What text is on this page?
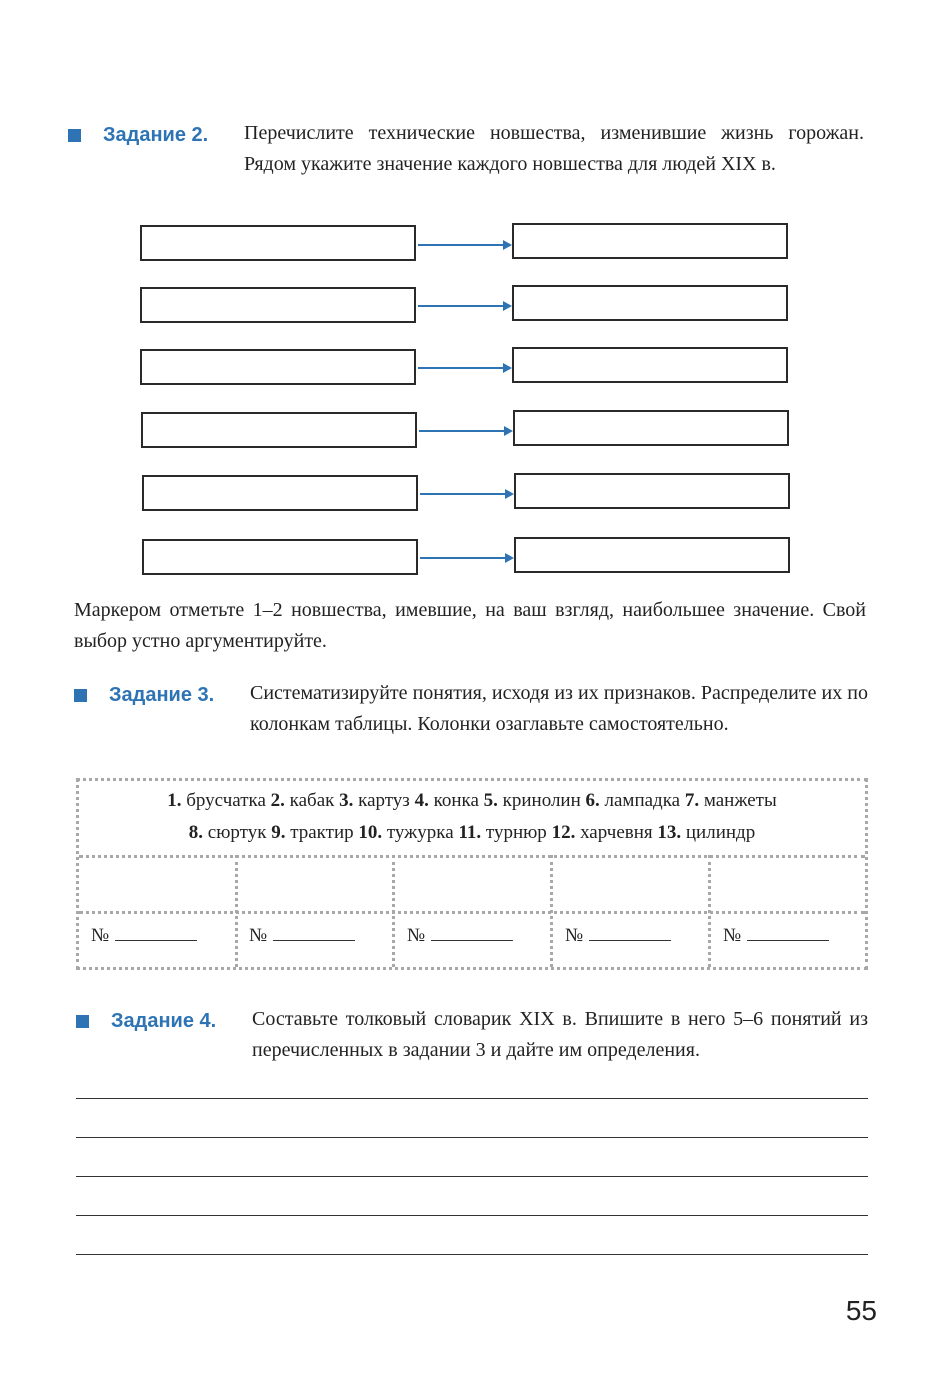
Задание 2. Перечислите технические новшества, изменившие жизнь горожан. Рядом укажите значение каждого новшества для людей XIX в.
Маркером отметьте 1–2 новшества, имевшие, на ваш взгляд, наибольшее значение. Свой выбор устно аргументируйте.
Задание 3. Систематизируйте понятия, исходя из их признаков. Распределите их по колонкам таблицы. Колонки озаглавьте самостоятельно.
1. брусчатка 2. кабак 3. картуз 4. конка 5. кринолин 6. лампадка 7. манжеты
8. сюртук 9. трактир 10. тужурка 11. турнюр 12. харчевня 13. цилиндр
№	№	№	№	№
Задание 4. Составьте толковый словарик XIX в. Впишите в него 5–6 понятий из перечисленных в задании 3 и дайте им определения.
55
